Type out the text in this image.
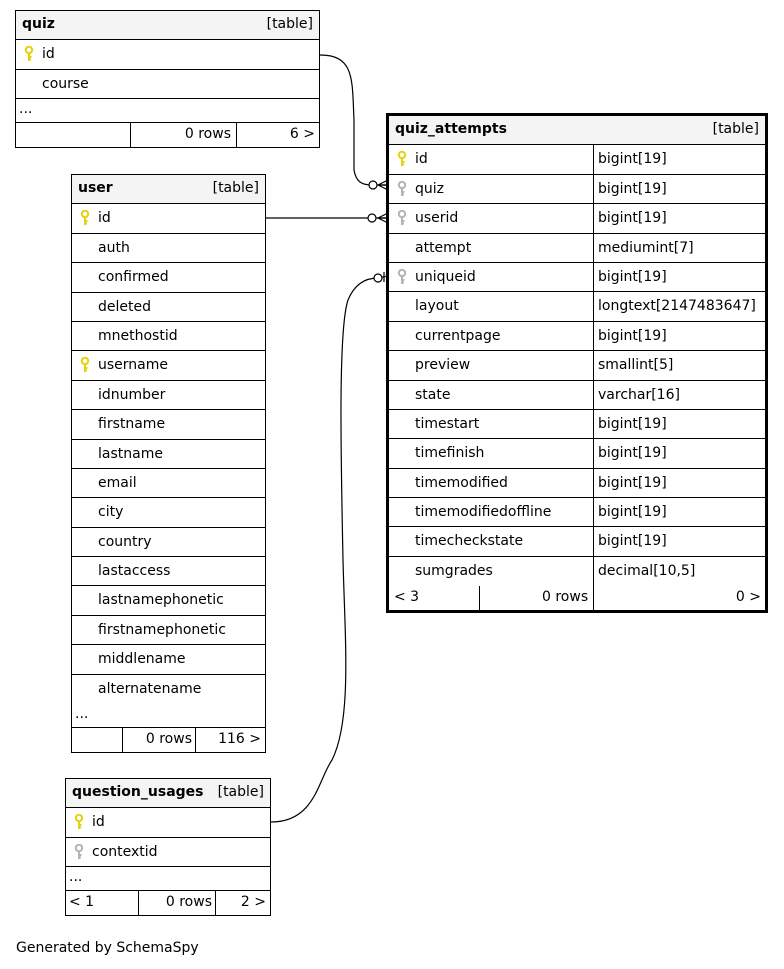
quiz	[table]
id
course
...
0 rows	6 >
user	[table]
id
auth
confirmed
deleted
mnethostid
username
idnumber
firstname
lastname
email
city
country
lastaccess
lastnamephonetic
firstnamephonetic
middlename
alternatename
...
0 rows 116 >
quiz_attempts	[table]
id	bigint[19]
quiz	bigint[19]
userid	bigint[19]
attempt	mediumint[7]
uniqueid	bigint[19]
layout	longtext[2147483647]
currentpage	bigint[19]
preview	smallint[5]
state	varchar[16]
timestart	bigint[19]
timefinish	bigint[19]
timemodified	bigint[19]
timemodifiedoffline	bigint[19]
timecheckstate	bigint[19]
sumgrades	decimal[10,5]
< 3	0 rows	0 >
question_usages [table]
id
contextid
...
< 1	0 rows 2 >
Generated by SchemaSpy
